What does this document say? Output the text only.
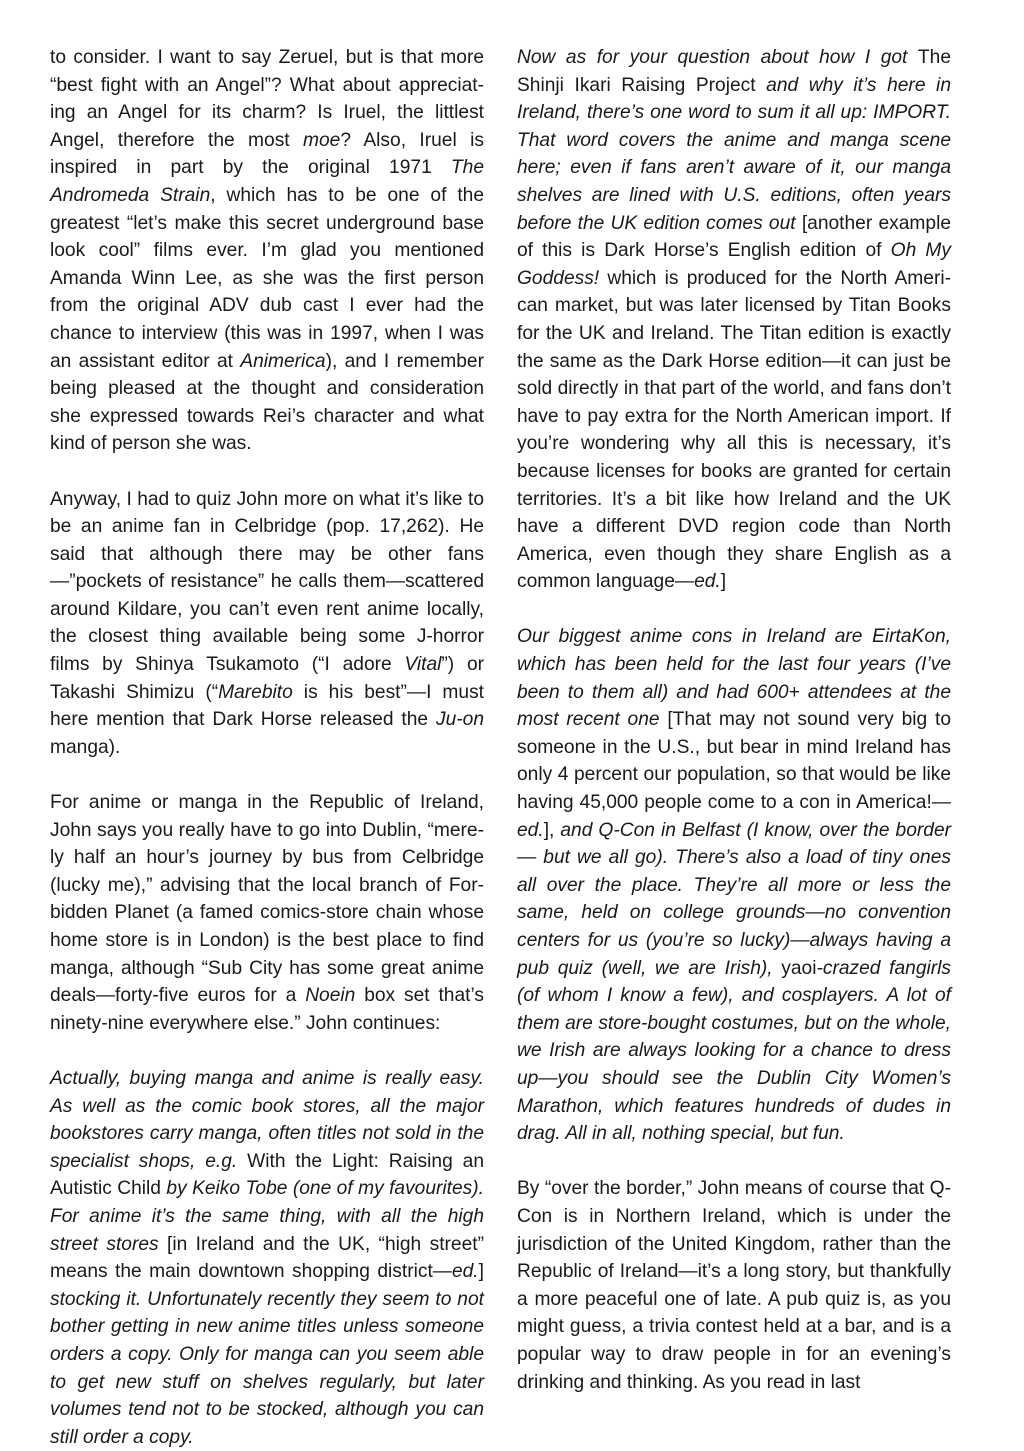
to consider. I want to say Zeruel, but is that more “best fight with an Angel”? What about appreciating an Angel for its charm? Is Iruel, the littlest Angel, therefore the most moe? Also, Iruel is inspired in part by the original 1971 The Andromeda Strain, which has to be one of the greatest “let’s make this secret underground base look cool” films ever. I’m glad you mentioned Amanda Winn Lee, as she was the first person from the original ADV dub cast I ever had the chance to interview (this was in 1997, when I was an assistant editor at Animerica), and I remember being pleased at the thought and consideration she expressed towards Rei’s character and what kind of person she was.

Anyway, I had to quiz John more on what it’s like to be an anime fan in Celbridge (pop. 17,262). He said that although there may be other fans—”pockets of resistance” he calls them—scattered around Kildare, you can’t even rent anime locally, the closest thing available being some J-horror films by Shinya Tsukamoto (“I adore Vital”) or Takashi Shimizu (“Marebito is his best”—I must here mention that Dark Horse released the Ju-on manga).

For anime or manga in the Republic of Ireland, John says you really have to go into Dublin, “merely half an hour’s journey by bus from Celbridge (lucky me),” advising that the local branch of Forbidden Planet (a famed comics-store chain whose home store is in London) is the best place to find manga, although “Sub City has some great anime deals—forty-five euros for a Noein box set that’s ninety-nine everywhere else.” John continues:

Actually, buying manga and anime is really easy. As well as the comic book stores, all the major bookstores carry manga, often titles not sold in the specialist shops, e.g. With the Light: Raising an Autistic Child by Keiko Tobe (one of my favourites). For anime it’s the same thing, with all the high street stores [in Ireland and the UK, “high street” means the main downtown shopping district—ed.] stocking it. Unfortunately recently they seem to not bother getting in new anime titles unless someone orders a copy. Only for manga can you seem able to get new stuff on shelves regularly, but later volumes tend not to be stocked, although you can still order a copy.

Now as for your question about how I got The Shinji Ikari Raising Project and why it’s here in Ireland, there’s one word to sum it all up: IMPORT. That word covers the anime and manga scene here; even if fans aren’t aware of it, our manga shelves are lined with U.S. editions, often years before the UK edition comes out [another example of this is Dark Horse’s English edition of Oh My Goddess! which is produced for the North American market, but was later licensed by Titan Books for the UK and Ireland. The Titan edition is exactly the same as the Dark Horse edition—it can just be sold directly in that part of the world, and fans don’t have to pay extra for the North American import. If you’re wondering why all this is necessary, it’s because licenses for books are granted for certain territories. It’s a bit like how Ireland and the UK have a different DVD region code than North America, even though they share English as a common language—ed.]

Our biggest anime cons in Ireland are EirtaKon, which has been held for the last four years (I’ve been to them all) and had 600+ attendees at the most recent one [That may not sound very big to someone in the U.S., but bear in mind Ireland has only 4 percent our population, so that would be like having 45,000 people come to a con in America!—ed.], and Q-Con in Belfast (I know, over the border— but we all go). There’s also a load of tiny ones all over the place. They’re all more or less the same, held on college grounds—no convention centers for us (you’re so lucky)—always having a pub quiz (well, we are Irish), yaoi-crazed fangirls (of whom I know a few), and cosplayers. A lot of them are store-bought costumes, but on the whole, we Irish are always looking for a chance to dress up—you should see the Dublin City Women’s Marathon, which features hundreds of dudes in drag. All in all, nothing special, but fun.

By “over the border,” John means of course that Q-Con is in Northern Ireland, which is under the jurisdiction of the United Kingdom, rather than the Republic of Ireland—it’s a long story, but thankfully a more peaceful one of late. A pub quiz is, as you might guess, a trivia contest held at a bar, and is a popular way to draw people in for an evening’s drinking and thinking. As you read in last
